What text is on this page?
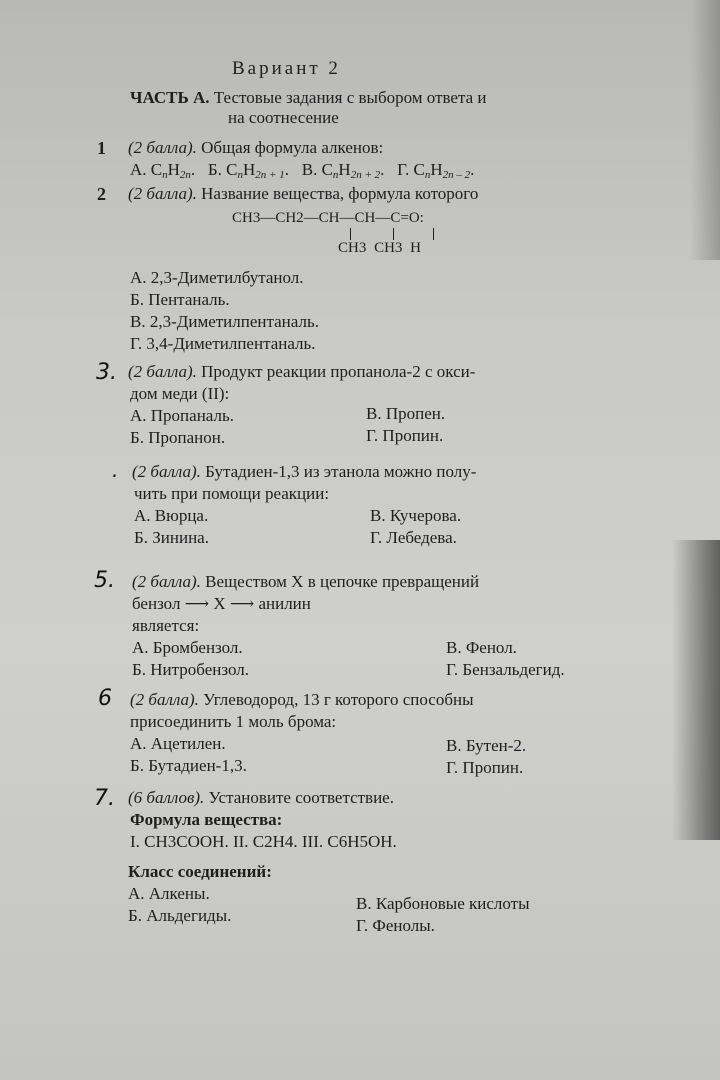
Вариант 2
ЧАСТЬ А. Тестовые задания с выбором ответа и
на соотнесение
1 (2 балла). Общая формула алкенов:
А. $C_nH_{2n}$. Б. $C_nH_{2n + 1}$. В. $C_nH_{2n + 2}$. Г. $C_nH_{2n - 2}$.
2 (2 балла). Название вещества, формула которого
CH3—CH2—CH—CH—C=O:
CH3 CH3 H
А. 2,3-Диметилбутанол.
Б. Пентаналь.
В. 2,3-Диметилпентаналь.
Г. 3,4-Диметилпентаналь.
3. (2 балла). Продукт реакции пропанола-2 с окси-
дом меди (II):
А. Пропаналь.
Б. Пропанон.
В. Пропен.
Г. Пропин.
. (2 балла). Бутадиен-1,3 из этанола можно полу-
чить при помощи реакции:
А. Вюрца.
Б. Зинина.
В. Кучерова.
Г. Лебедева.
5. (2 балла). Веществом X в цепочке превращений
бензол ⟶ X ⟶ анилин
является:
А. Бромбензол.
Б. Нитробензол.
В. Фенол.
Г. Бензальдегид.
6 (2 балла). Углеводород, 13 г которого способны
присоединить 1 моль брома:
А. Ацетилен.
Б. Бутадиен-1,3.
В. Бутен-2.
Г. Пропин.
7. (6 баллов). Установите соответствие.
Формула вещества:
I. CH3COOH. II. C2H4. III. C6H5OH.
Класс соединений:
А. Алкены.
Б. Альдегиды.
В. Карбоновые кислоты
Г. Фенолы.
